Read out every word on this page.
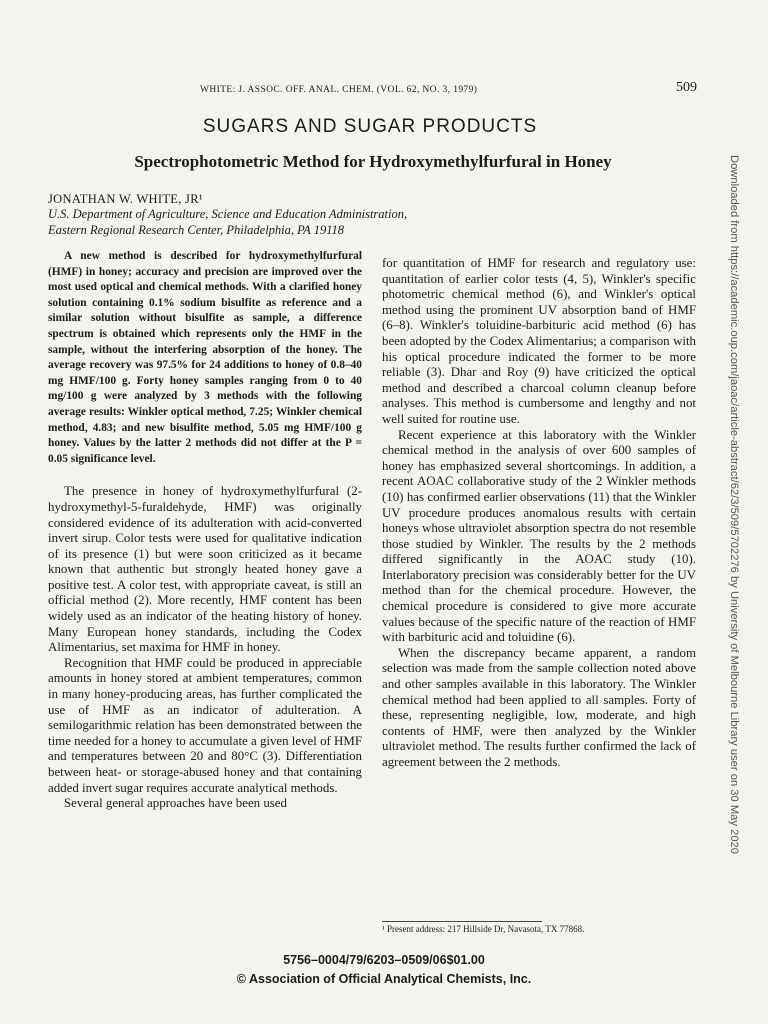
WHITE: J. ASSOC. OFF. ANAL. CHEM. (VOL. 62, NO. 3, 1979)	509
SUGARS AND SUGAR PRODUCTS
Spectrophotometric Method for Hydroxymethylfurfural in Honey
JONATHAN W. WHITE, JR¹
U.S. Department of Agriculture, Science and Education Administration,
Eastern Regional Research Center, Philadelphia, PA 19118
A new method is described for hydroxymethylfurfural (HMF) in honey; accuracy and precision are improved over the most used optical and chemical methods. With a clarified honey solution containing 0.1% sodium bisulfite as reference and a similar solution without bisulfite as sample, a difference spectrum is obtained which represents only the HMF in the sample, without the interfering absorption of the honey. The average recovery was 97.5% for 24 additions to honey of 0.8–40 mg HMF/100 g. Forty honey samples ranging from 0 to 40 mg/100 g were analyzed by 3 methods with the following average results: Winkler optical method, 7.25; Winkler chemical method, 4.83; and new bisulfite method, 5.05 mg HMF/100 g honey. Values by the latter 2 methods did not differ at the P = 0.05 significance level.
The presence in honey of hydroxymethylfurfural (2-hydroxymethyl-5-furaldehyde, HMF) was originally considered evidence of its adulteration with acid-converted invert sirup. Color tests were used for qualitative indication of its presence (1) but were soon criticized as it became known that authentic but strongly heated honey gave a positive test. A color test, with appropriate caveat, is still an official method (2). More recently, HMF content has been widely used as an indicator of the heating history of honey. Many European honey standards, including the Codex Alimentarius, set maxima for HMF in honey.
Recognition that HMF could be produced in appreciable amounts in honey stored at ambient temperatures, common in many honey-producing areas, has further complicated the use of HMF as an indicator of adulteration. A semilogarithmic relation has been demonstrated between the time needed for a honey to accumulate a given level of HMF and temperatures between 20 and 80°C (3). Differentiation between heat- or storage-abused honey and that containing added invert sugar requires accurate analytical methods.
Several general approaches have been used
for quantitation of HMF for research and regulatory use: quantitation of earlier color tests (4, 5), Winkler's specific photometric chemical method (6), and Winkler's optical method using the prominent UV absorption band of HMF (6–8). Winkler's toluidine-barbituric acid method (6) has been adopted by the Codex Alimentarius; a comparison with his optical procedure indicated the former to be more reliable (3). Dhar and Roy (9) have criticized the optical method and described a charcoal column cleanup before analyses. This method is cumbersome and lengthy and not well suited for routine use.
Recent experience at this laboratory with the Winkler chemical method in the analysis of over 600 samples of honey has emphasized several shortcomings. In addition, a recent AOAC collaborative study of the 2 Winkler methods (10) has confirmed earlier observations (11) that the Winkler UV procedure produces anomalous results with certain honeys whose ultraviolet absorption spectra do not resemble those studied by Winkler. The results by the 2 methods differed significantly in the AOAC study (10). Interlaboratory precision was considerably better for the UV method than for the chemical procedure. However, the chemical procedure is considered to give more accurate values because of the specific nature of the reaction of HMF with barbituric acid and toluidine (6).
When the discrepancy became apparent, a random selection was made from the sample collection noted above and other samples available in this laboratory. The Winkler chemical method had been applied to all samples. Forty of these, representing negligible, low, moderate, and high contents of HMF, were then analyzed by the Winkler ultraviolet method. The results further confirmed the lack of agreement between the 2 methods.
¹ Present address: 217 Hillside Dr, Navasota, TX 77868.
5756–0004/79/6203–0509/06$01.00
© Association of Official Analytical Chemists, Inc.
Downloaded from https://academic.oup.com/jaoac/article-abstract/62/3/509/5702276 by University of Melbourne Library user on 30 May 2020
